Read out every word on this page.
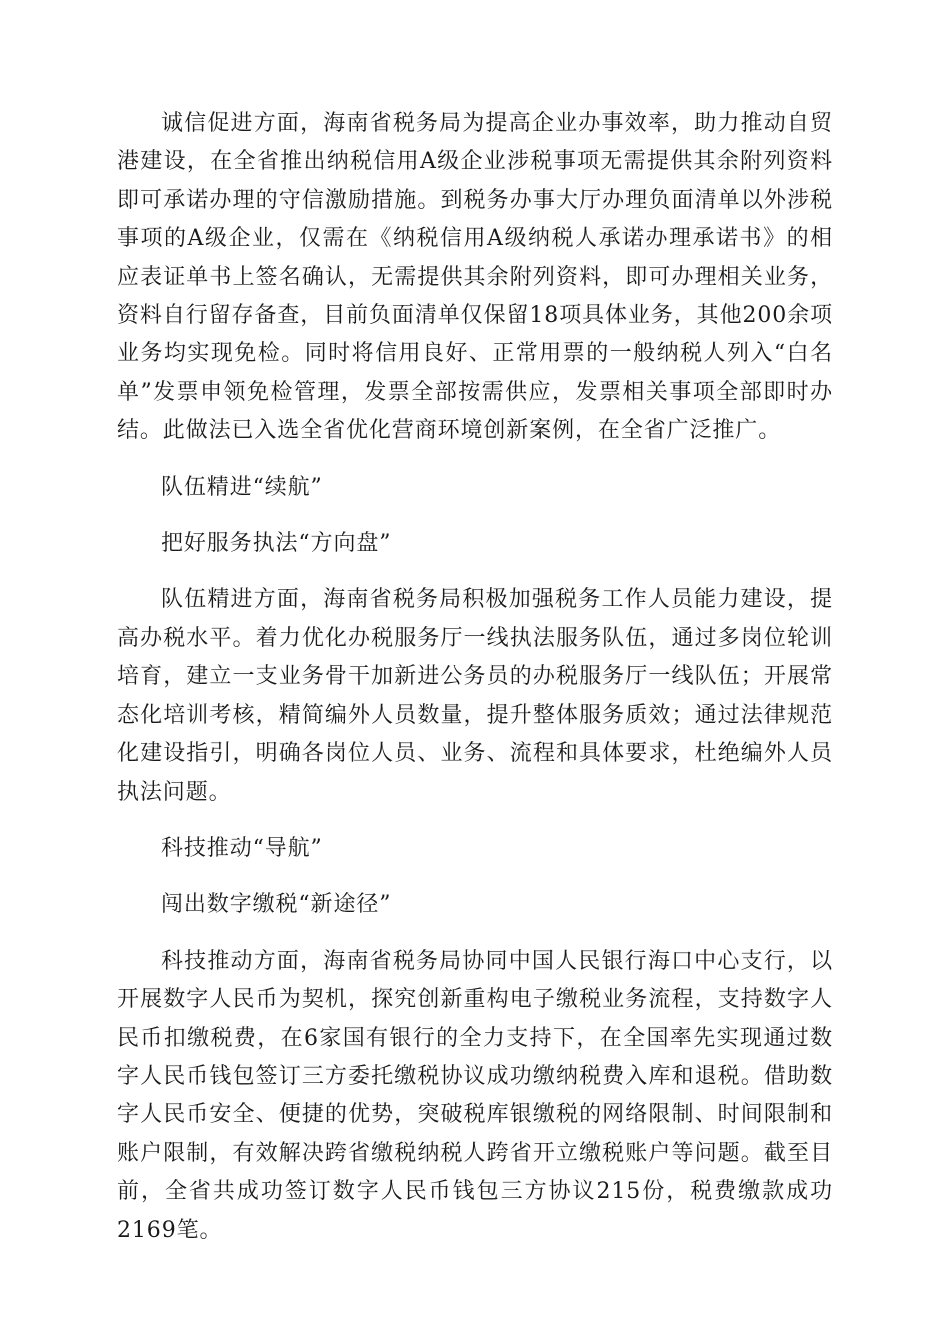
诚信促进方面，海南省税务局为提高企业办事效率，助力推动自贸港建设，在全省推出纳税信用A级企业涉税事项无需提供其余附列资料即可承诺办理的守信激励措施。到税务办事大厅办理负面清单以外涉税事项的A级企业，仅需在《纳税信用A级纳税人承诺办理承诺书》的相应表证单书上签名确认，无需提供其余附列资料，即可办理相关业务，资料自行留存备查，目前负面清单仅保留18项具体业务，其他200余项业务均实现免检。同时将信用良好、正常用票的一般纳税人列入“白名单”发票申领免检管理，发票全部按需供应，发票相关事项全部即时办结。此做法已入选全省优化营商环境创新案例，在全省广泛推广。

队伍精进“续航”

把好服务执法“方向盘”

队伍精进方面，海南省税务局积极加强税务工作人员能力建设，提高办税水平。着力优化办税服务厅一线执法服务队伍，通过多岗位轮训培育，建立一支业务骨干加新进公务员的办税服务厅一线队伍；开展常态化培训考核，精简编外人员数量，提升整体服务质效；通过法律规范化建设指引，明确各岗位人员、业务、流程和具体要求，杜绝编外人员执法问题。

科技推动“导航”

闯出数字缴税“新途径”

科技推动方面，海南省税务局协同中国人民银行海口中心支行，以开展数字人民币为契机，探究创新重构电子缴税业务流程，支持数字人民币扣缴税费，在6家国有银行的全力支持下，在全国率先实现通过数字人民币钱包签订三方委托缴税协议成功缴纳税费入库和退税。借助数字人民币安全、便捷的优势，突破税库银缴税的网络限制、时间限制和账户限制，有效解决跨省缴税纳税人跨省开立缴税账户等问题。截至目前，全省共成功签订数字人民币钱包三方协议215份，税费缴款成功2169笔。
